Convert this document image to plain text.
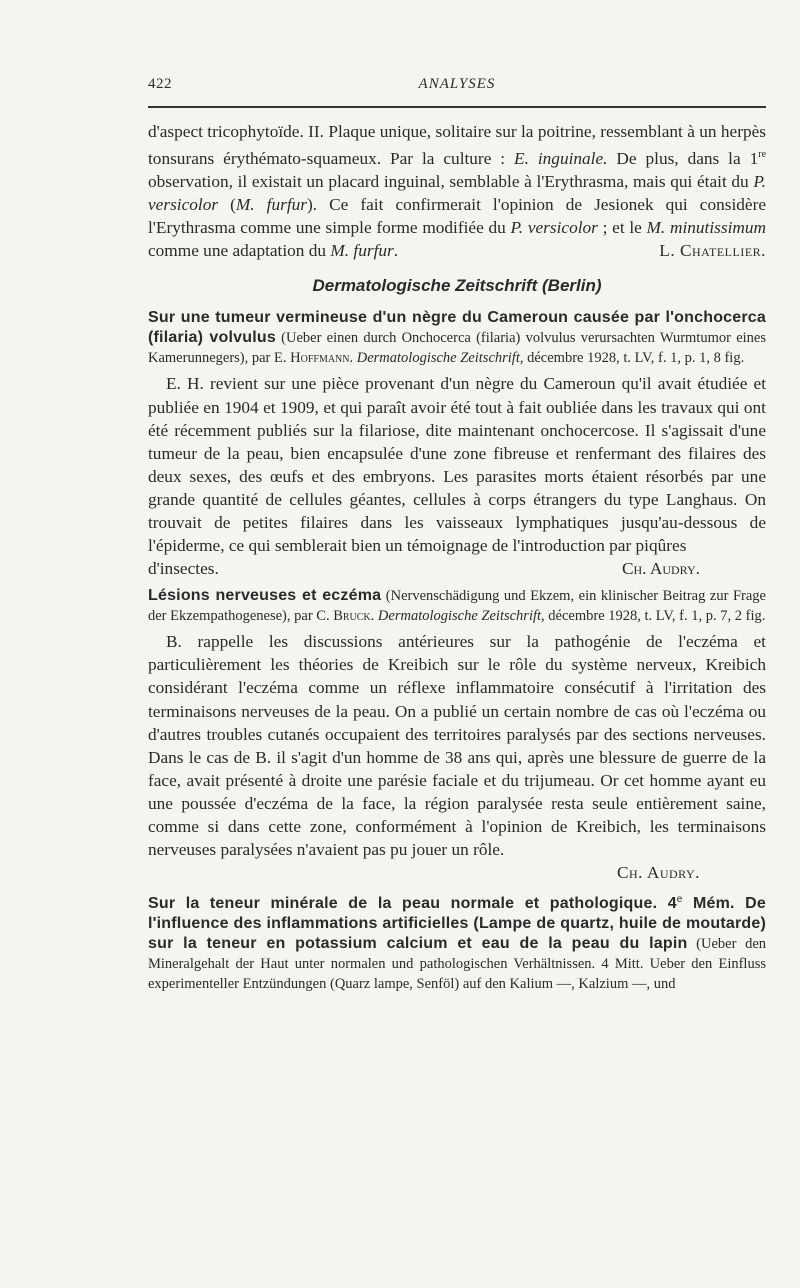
422	ANALYSES

d'aspect tricophytoïde. II. Plaque unique, solitaire sur la poitrine, ressemblant à un herpès tonsurans érythémato-squameux. Par la culture : E. inguinale. De plus, dans la 1re observation, il existait un placard inguinal, semblable à l'Erythrasma, mais qui était du P. versicolor (M. furfur). Ce fait confirmerait l'opinion de Jesionek qui considère l'Erythrasma comme une simple forme modifiée du P. versicolor ; et le M. minutissimum comme une adaptation du M. furfur.	L. Chatellier.

Dermatologische Zeitschrift (Berlin)

Sur une tumeur vermineuse d'un nègre du Cameroun causée par l'onchocerca (filaria) volvulus (Ueber einen durch Onchocerca (filaria) volvulus verursachten Wurmtumor eines Kamerunnegers), par E. Hoffmann. Dermatologische Zeitschrift, décembre 1928, t. LV, f. 1, p. 1, 8 fig.

E. H. revient sur une pièce provenant d'un nègre du Cameroun qu'il avait étudiée et publiée en 1904 et 1909, et qui paraît avoir été tout à fait oubliée dans les travaux qui ont été récemment publiés sur la filariose, dite maintenant onchocercose. Il s'agissait d'une tumeur de la peau, bien encapsulée d'une zone fibreuse et renfermant des filaires des deux sexes, des œufs et des embryons. Les parasites morts étaient résorbés par une grande quantité de cellules géantes, cellules à corps étrangers du type Langhaus. On trouvait de petites filaires dans les vaisseaux lymphatiques jusqu'au-dessous de l'épiderme, ce qui semblerait bien un témoignage de l'introduction par piqûres

d'insectes.	Ch. Audry.

Lésions nerveuses et eczéma (Nervenschädigung und Ekzem, ein klinischer Beitrag zur Frage der Ekzempathogenese), par C. Bruck. Dermatologische Zeitschrift, décembre 1928, t. LV, f. 1, p. 7, 2 fig.

B. rappelle les discussions antérieures sur la pathogénie de l'eczéma et particulièrement les théories de Kreibich sur le rôle du système nerveux, Kreibich considérant l'eczéma comme un réflexe inflammatoire consécutif à l'irritation des terminaisons nerveuses de la peau. On a publié un certain nombre de cas où l'eczéma ou d'autres troubles cutanés occupaient des territoires paralysés par des sections nerveuses. Dans le cas de B. il s'agit d'un homme de 38 ans qui, après une blessure de guerre de la face, avait présenté à droite une parésie faciale et du trijumeau. Or cet homme ayant eu une poussée d'eczéma de la face, la région paralysée resta seule entièrement saine, comme si dans cette zone, conformément à l'opinion de Kreibich, les terminaisons nerveuses paralysées n'avaient pas pu jouer un rôle.

Ch. Audry.

Sur la teneur minérale de la peau normale et pathologique. 4e Mém. De l'influence des inflammations artificielles (Lampe de quartz, huile de moutarde) sur la teneur en potassium calcium et eau de la peau du lapin (Ueber den Mineralgehalt der Haut unter normalen und pathologischen Verhältnissen. 4 Mitt. Ueber den Einfluss experimenteller Entzündungen (Quarz lampe, Senföl) auf den Kalium —, Kalzium —, und
